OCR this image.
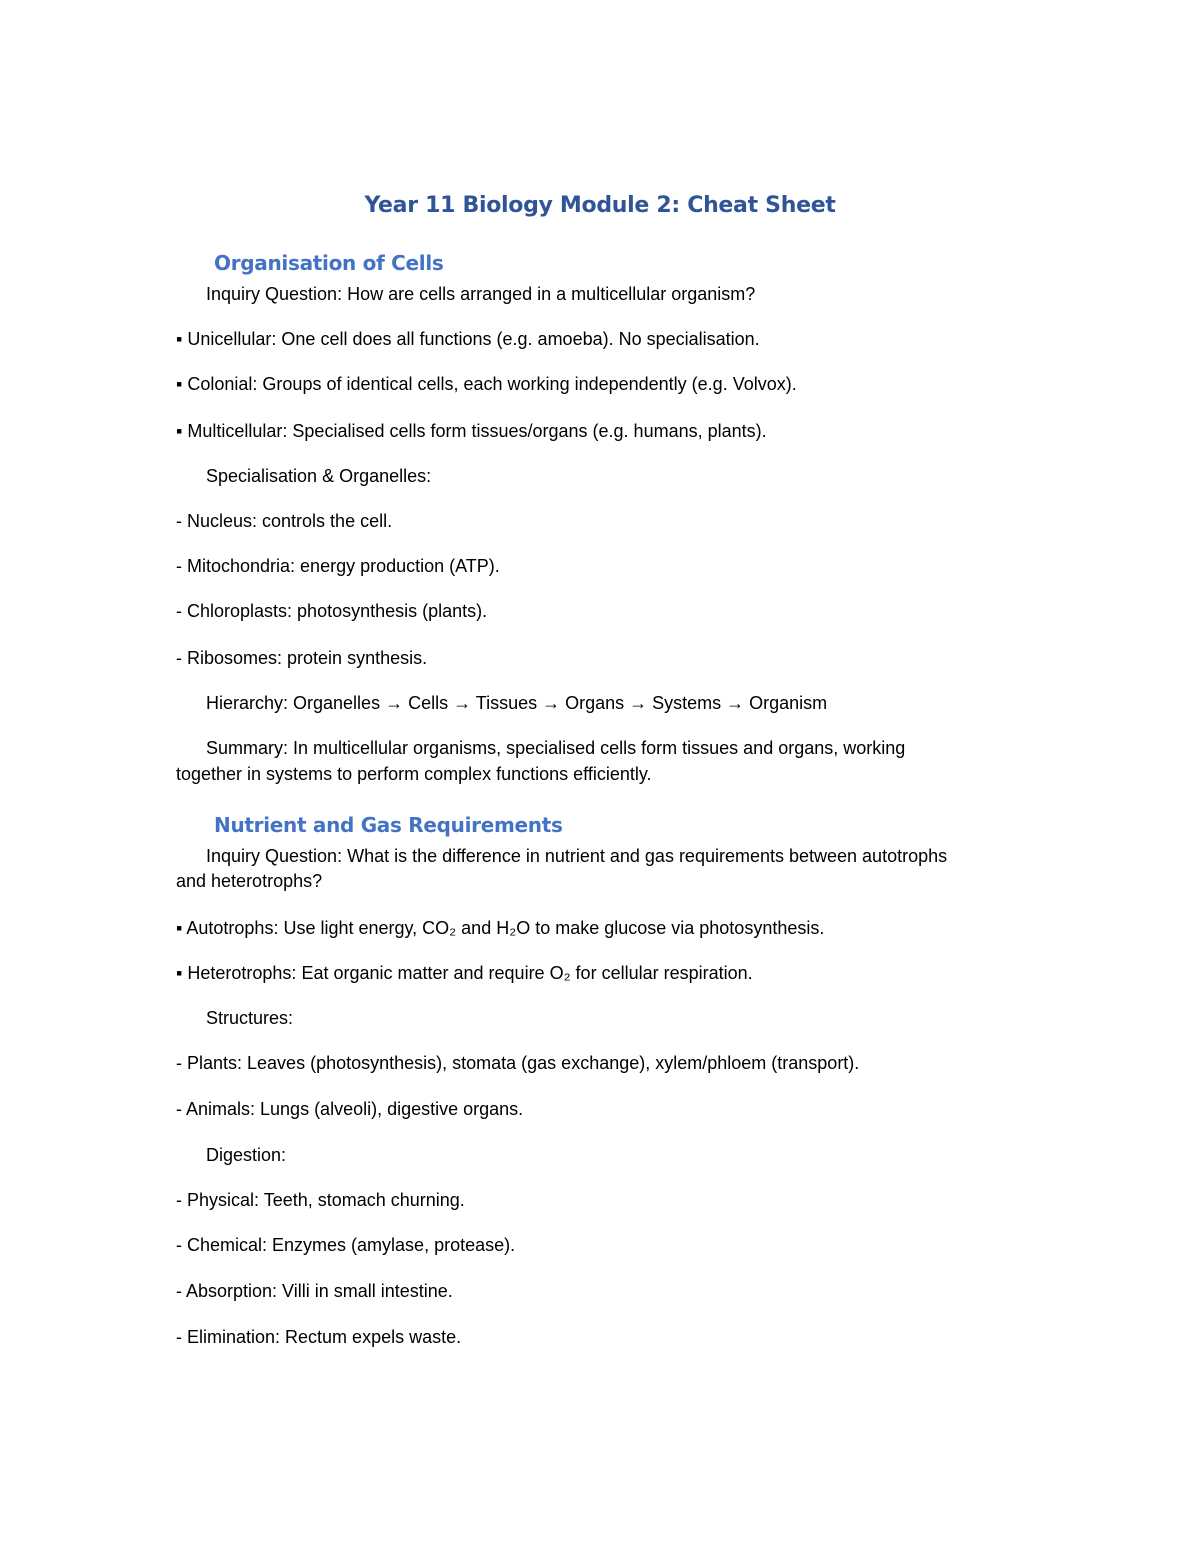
Year 11 Biology Module 2: Cheat Sheet
Organisation of Cells

Inquiry Question: How are cells arranged in a multicellular organism?

▪ Unicellular: One cell does all functions (e.g. amoeba). No specialisation.

▪ Colonial: Groups of identical cells, each working independently (e.g. Volvox).

▪ Multicellular: Specialised cells form tissues/organs (e.g. humans, plants).

Specialisation & Organelles:

- Nucleus: controls the cell.

- Mitochondria: energy production (ATP).

- Chloroplasts: photosynthesis (plants).

- Ribosomes: protein synthesis.

Hierarchy: Organelles → Cells → Tissues → Organs → Systems → Organism

Summary: In multicellular organisms, specialised cells form tissues and organs, working

together in systems to perform complex functions efficiently.

Nutrient and Gas Requirements

Inquiry Question: What is the difference in nutrient and gas requirements between autotrophs

and heterotrophs?

▪ Autotrophs: Use light energy, CO₂ and H₂O to make glucose via photosynthesis.

▪ Heterotrophs: Eat organic matter and require O₂ for cellular respiration.

Structures:

- Plants: Leaves (photosynthesis), stomata (gas exchange), xylem/phloem (transport).

- Animals: Lungs (alveoli), digestive organs.

Digestion:

- Physical: Teeth, stomach churning.

- Chemical: Enzymes (amylase, protease).

- Absorption: Villi in small intestine.

- Elimination: Rectum expels waste.
